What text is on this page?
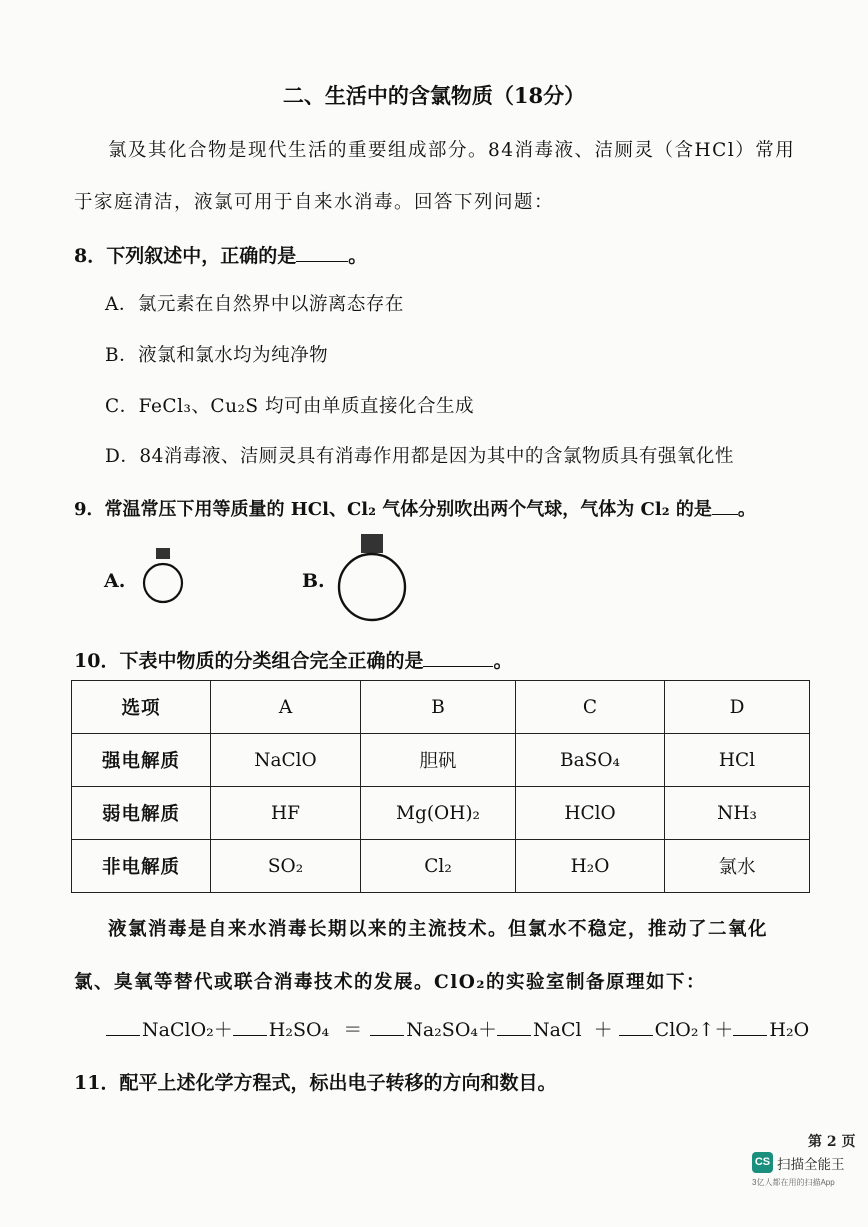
二、生活中的含氯物质（18分）
氯及其化合物是现代生活的重要组成部分。84消毒液、洁厕灵（含HCl）常用
于家庭清洁，液氯可用于自来水消毒。回答下列问题：
8．下列叙述中，正确的是	。
A．氯元素在自然界中以游离态存在
B．液氯和氯水均为纯净物
C．FeCl₃、Cu₂S 均可由单质直接化合生成
D．84消毒液、洁厕灵具有消毒作用都是因为其中的含氯物质具有强氧化性
9．常温常压下用等质量的 HCl、Cl₂ 气体分别吹出两个气球，气体为 Cl₂ 的是 。
A.	B.
10．下表中物质的分类组合完全正确的是	。
选项	A	B	C	D
强电解质	NaClO	胆矾	BaSO₄	HCl
弱电解质	HF	Mg(OH)₂	HClO	NH₃
非电解质	SO₂	Cl₂	H₂O	氯水
液氯消毒是自来水消毒长期以来的主流技术。但氯水不稳定，推动了二氧化
氯、臭氧等替代或联合消毒技术的发展。ClO₂的实验室制备原理如下：
NaClO₂＋ H₂SO₄ ＝ Na₂SO₄＋ NaCl ＋ ClO₂↑＋ H₂O
11．配平上述化学方程式，标出电子转移的方向和数目。
第 2 页
CS 扫描全能王
3亿人都在用的扫描App
